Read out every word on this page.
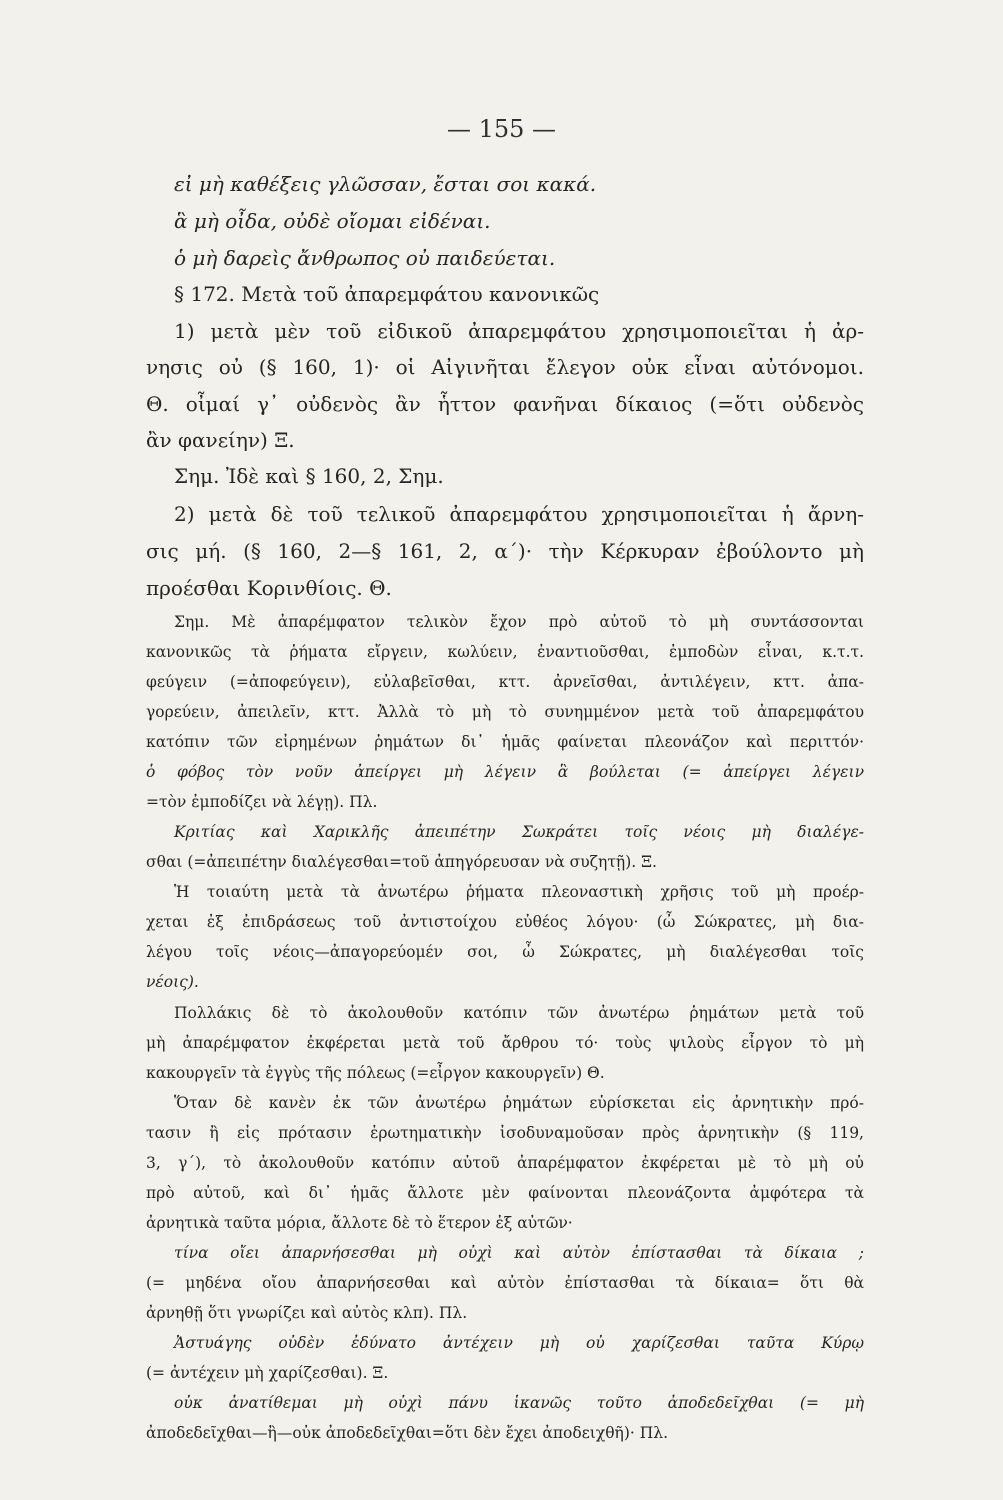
— 155 —
εἰ μὴ καθέξεις γλῶσσαν, ἔσται σοι κακά.
ἃ μὴ οἶδα, οὐδὲ οἴομαι εἰδέναι.
ὁ μὴ δαρεὶς ἄνθρωπος οὐ παιδεύεται.
§ 172. Μετὰ τοῦ ἀπαρεμφάτου κανονικῶς
1) μετὰ μὲν τοῦ εἰδικοῦ ἀπαρεμφάτου χρησιμοποιεῖται ἡ ἀρ-
νησις οὐ (§ 160, 1)· οἱ Αἰγινῆται ἔλεγον οὐκ εἶναι αὐτόνομοι.
Θ. οἶμαί γ᾽ οὐδενὸς ἂν ἧττον φανῆναι δίκαιος (=ὅτι οὐδενὸς
ἂν φανείην) Ξ.
Σημ. Ἰδὲ καὶ § 160, 2, Σημ.
2) μετὰ δὲ τοῦ τελικοῦ ἀπαρεμφάτου χρησιμοποιεῖται ἡ ἄρνη-
σις μή. (§ 160, 2—§ 161, 2, α΄)· τὴν Κέρκυραν ἐβούλοντο μὴ
προέσθαι Κορινθίοις. Θ.
Σημ. Μὲ ἀπαρέμφατον τελικὸν ἔχον πρὸ αὐτοῦ τὸ μὴ συντάσσονται
κανονικῶς τὰ ῥήματα εἴργειν, κωλύειν, ἐναντιοῦσθαι, ἐμποδὼν εἶναι, κ.τ.τ.
φεύγειν (=ἀποφεύγειν), εὐλαβεῖσθαι, κττ. ἀρνεῖσθαι, ἀντιλέγειν, κττ. ἀπα-
γορεύειν, ἀπειλεῖν, κττ. Ἀλλὰ τὸ μὴ τὸ συνημμένον μετὰ τοῦ ἀπαρεμφάτου
κατόπιν τῶν εἰρημένων ῥημάτων δι᾽ ἡμᾶς φαίνεται πλεονάζον καὶ περιττόν·
ὁ φόβος τὸν νοῦν ἀπείργει μὴ λέγειν ἃ βούλεται (= ἀπείργει λέγειν
=τὸν ἐμποδίζει νὰ λέγῃ). Πλ.
Κριτίας καὶ Χαρικλῆς ἀπειπέτην Σωκράτει τοῖς νέοις μὴ διαλέγε-
σθαι (=ἀπειπέτην διαλέγεσθαι=τοῦ ἀπηγόρευσαν νὰ συζητῇ). Ξ.
Ἡ τοιαύτη μετὰ τὰ ἀνωτέρω ῥήματα πλεοναστικὴ χρῆσις τοῦ μὴ προέρ-
χεται ἐξ ἐπιδράσεως τοῦ ἀντιστοίχου εὐθέος λόγου· (ὦ Σώκρατες, μὴ δια-
λέγου τοῖς νέοις—ἀπαγορεύομέν σοι, ὦ Σώκρατες, μὴ διαλέγεσθαι τοῖς
νέοις).
Πολλάκις δὲ τὸ ἀκολουθοῦν κατόπιν τῶν ἀνωτέρω ῥημάτων μετὰ τοῦ
μὴ ἀπαρέμφατον ἐκφέρεται μετὰ τοῦ ἄρθρου τό· τοὺς ψιλοὺς εἶργον τὸ μὴ
κακουργεῖν τὰ ἐγγὺς τῆς πόλεως (=εἶργον κακουργεῖν) Θ.
Ὅταν δὲ κανὲν ἐκ τῶν ἀνωτέρω ῥημάτων εὑρίσκεται εἰς ἀρνητικὴν πρό-
τασιν ἢ εἰς πρότασιν ἐρωτηματικὴν ἰσοδυναμοῦσαν πρὸς ἀρνητικὴν (§ 119,
3, γ΄), τὸ ἀκολουθοῦν κατόπιν αὐτοῦ ἀπαρέμφατον ἐκφέρεται μὲ τὸ μὴ οὐ
πρὸ αὐτοῦ, καὶ δι᾽ ἡμᾶς ἄλλοτε μὲν φαίνονται πλεονάζοντα ἀμφότερα τὰ
ἀρνητικὰ ταῦτα μόρια, ἄλλοτε δὲ τὸ ἕτερον ἐξ αὐτῶν·
τίνα οἴει ἀπαρνήσεσθαι μὴ οὐχὶ καὶ αὐτὸν ἐπίστασθαι τὰ δίκαια ;
(= μηδένα οἴου ἀπαρνήσεσθαι καὶ αὐτὸν ἐπίστασθαι τὰ δίκαια= ὅτι θὰ
ἀρνηθῇ ὅτι γνωρίζει καὶ αὐτὸς κλπ). Πλ.
Ἀστυάγης οὐδὲν ἐδύνατο ἀντέχειν μὴ οὐ χαρίζεσθαι ταῦτα Κύρῳ
(= ἀντέχειν μὴ χαρίζεσθαι). Ξ.
οὐκ ἀνατίθεμαι μὴ οὐχὶ πάνυ ἱκανῶς τοῦτο ἀποδεδεῖχθαι (= μὴ
ἀποδεδεῖχθαι—ἢ—οὐκ ἀποδεδεῖχθαι=ὅτι δὲν ἔχει ἀποδειχθῆ)· Πλ.
